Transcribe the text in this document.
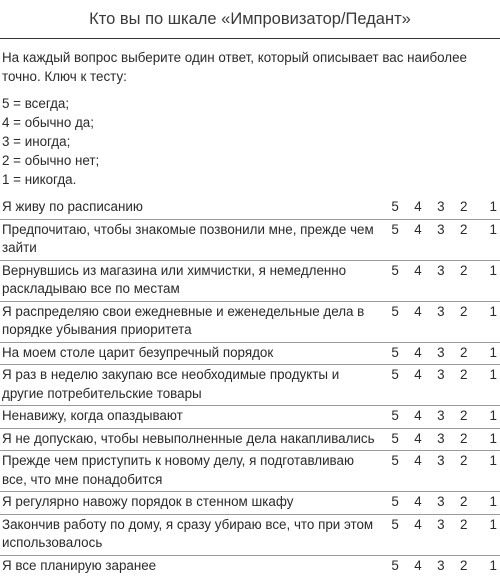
Кто вы по шкале «Импровизатор/Педант»
На каждый вопрос выберите один ответ, который описывает вас наиболее точно. Ключ к тесту:
5 = всегда;
4 = обычно да;
3 = иногда;
2 = обычно нет;
1 = никогда.
Я живу по расписанию	5	4	3	2	1
Предпочитаю, чтобы знакомые позвонили мне, прежде чем зайти	5	4	3	2	1
Вернувшись из магазина или химчистки, я немедленно раскладываю все по местам	5	4	3	2	1
Я распределяю свои ежедневные и еженедельные дела в порядке убывания приоритета	5	4	3	2	1
На моем столе царит безупречный порядок	5	4	3	2	1
Я раз в неделю закупаю все необходимые продукты и другие потребительские товары	5	4	3	2	1
Ненавижу, когда опаздывают	5	4	3	2	1
Я не допускаю, чтобы невыполненные дела накапливались	5	4	3	2	1
Прежде чем приступить к новому делу, я подготавливаю все, что мне понадобится	5	4	3	2	1
Я регулярно навожу порядок в стенном шкафу	5	4	3	2	1
Закончив работу по дому, я сразу убираю все, что при этом использовалось	5	4	3	2	1
Я все планирую заранее	5	4	3	2	1
